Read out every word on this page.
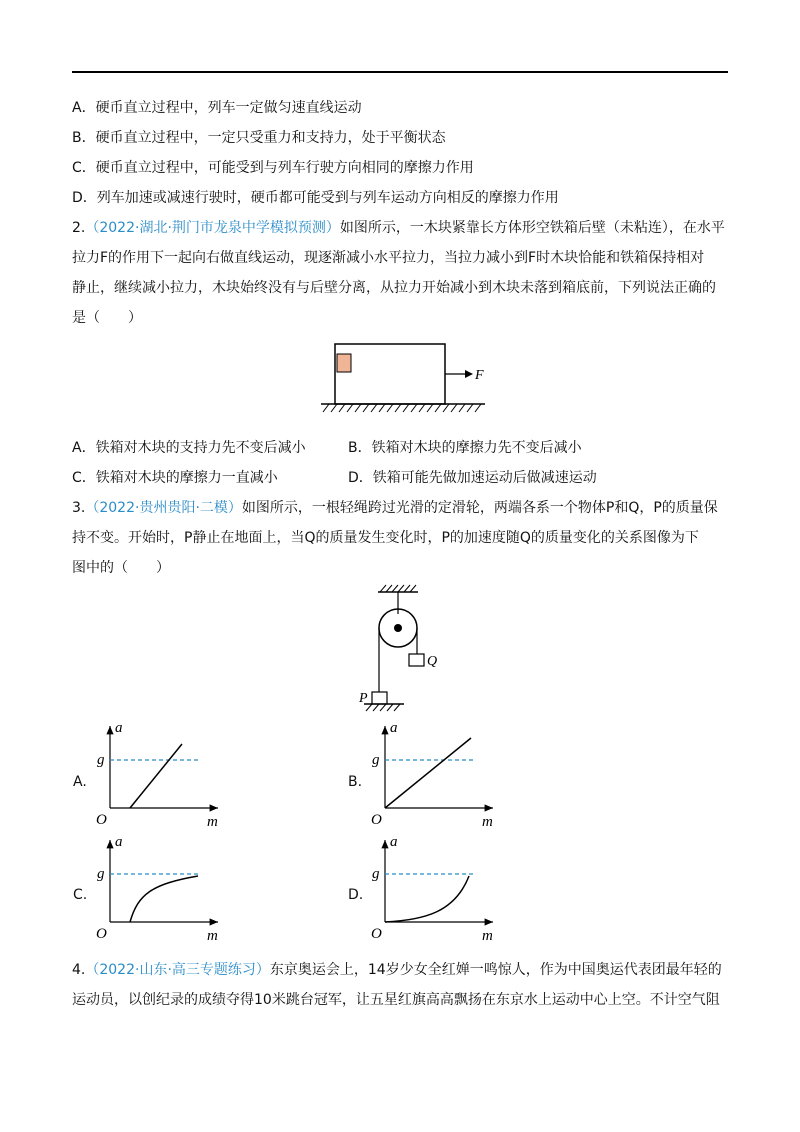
A．硬币直立过程中，列车一定做匀速直线运动
B．硬币直立过程中，一定只受重力和支持力，处于平衡状态
C．硬币直立过程中，可能受到与列车行驶方向相同的摩擦力作用
D．列车加速或减速行驶时，硬币都可能受到与列车运动方向相反的摩擦力作用
2.（2022·湖北·荆门市龙泉中学模拟预测）如图所示，一木块紧靠长方体形空铁箱后壁（未粘连），在水平
拉力F的作用下一起向右做直线运动，现逐渐减小水平拉力，当拉力减小到F时木块恰能和铁箱保持相对
静止，继续减小拉力，木块始终没有与后壁分离，从拉力开始减小到木块未落到箱底前，下列说法正确的
是（　　）
F
A．铁箱对木块的支持力先不变后减小	B．铁箱对木块的摩擦力先不变后减小
C．铁箱对木块的摩擦力一直减小	D．铁箱可能先做加速运动后做减速运动
3.（2022·贵州贵阳·二模）如图所示，一根轻绳跨过光滑的定滑轮，两端各系一个物体P和Q，P的质量保
持不变。开始时，P静止在地面上，当Q的质量发生变化时，P的加速度随Q的质量变化的关系图像为下
图中的（　　）
Q
P
A.
a
g
O	m
B.
a
g
O	m
C.
a
g
O	m
D.
a
g
O	m
4.（2022·山东·高三专题练习）东京奥运会上，14岁少女全红婵一鸣惊人，作为中国奥运代表团最年轻的
运动员，以创纪录的成绩夺得10米跳台冠军，让五星红旗高高飘扬在东京水上运动中心上空。不计空气阻
